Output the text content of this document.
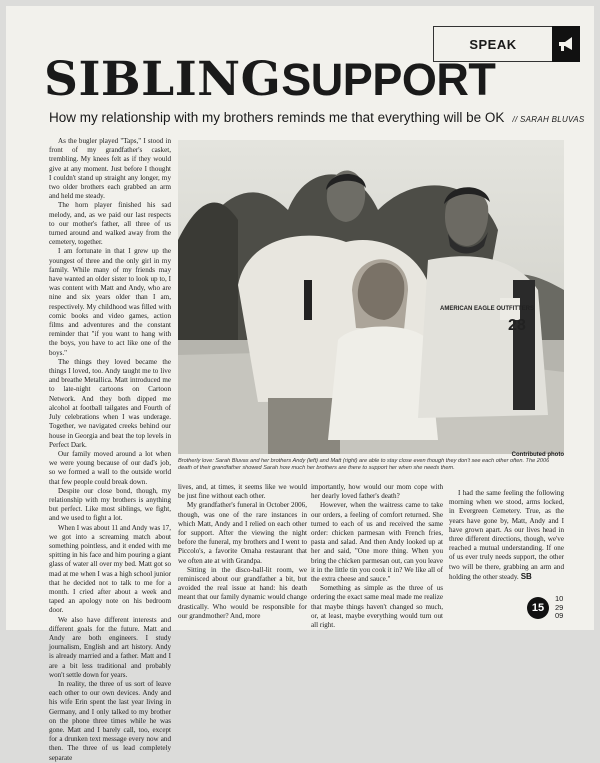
SPEAK
SIBLINGSUPPORT
How my relationship with my brothers reminds me that everything will be OK // SARAH BLUVAS

As the bugler played "Taps," I stood in front of my grandfather's casket, trembling. My knees felt as if they would give at any moment. Just before I thought I couldn't stand up straight any longer, my two older brothers each grabbed an arm and held me steady.

The horn player finished his sad melody, and, as we paid our last respects to our mother's father, all three of us turned around and walked away from the cemetery, together.

I am fortunate in that I grew up the youngest of three and the only girl in my family. While many of my friends may have wanted an older sister to look up to, I was content with Matt and Andy, who are nine and six years older than I am, respectively. My childhood was filled with comic books and video games, action films and adventures and the constant reminder that "if you want to hang with the boys, you have to act like one of the boys."

The things they loved became the things I loved, too. Andy taught me to live and breathe Metallica. Matt introduced me to late-night cartoons on Cartoon Network. And they both dipped me alcohol at football tailgates and Fourth of July celebrations when I was underage. Together, we navigated creeks behind our house in Georgia and beat the top levels in Perfect Dark.

Our family moved around a lot when we were young because of our dad's job, so we formed a wall to the outside world that few people could break down.

Despite our close bond, though, my relationship with my brothers is anything but perfect. Like most siblings, we fight, and we used to fight a lot.

When I was about 11 and Andy was 17, we got into a screaming match about something pointless, and it ended with me spitting in his face and him pouring a giant glass of water all over my bed. Matt got so mad at me when I was a high school junior that he decided not to talk to me for a month. I cried after about a week and taped an apology note on his bedroom door.

We also have different interests and different goals for the future. Matt and Andy are both engineers. I study journalism, English and art history. Andy is already married and a father. Matt and I are a bit less traditional and probably won't settle down for years.

In reality, the three of us sort of leave each other to our own devices. Andy and his wife Erin spent the last year living in Germany, and I only talked to my brother on the phone three times while he was gone. Matt and I barely call, too, except for a drunken text message every now and then. The three of us lead completely separate

AMERICAN EAGLE OUTFITTERS
28
Contributed photo
Brotherly love: Sarah Bluvas and her brothers Andy (left) and Matt (right) are able to stay close even though they don't see each other often. The 2006 death of their grandfather showed Sarah how much her brothers are there to support her when she needs them.

lives, and, at times, it seems like we would be just fine without each other.

My grandfather's funeral in October 2006, though, was one of the rare instances in which Matt, Andy and I relied on each other for support. After the viewing the night before the funeral, my brothers and I went to Piccolo's, a favorite Omaha restaurant that we often ate at with Grandpa.

Sitting in the disco-ball-lit room, we reminisced about our grandfather a bit, but avoided the real issue at hand: his death meant that our family dynamic would change drastically. Who would be responsible for our grandmother? And, more

importantly, how would our mom cope with her dearly loved father's death?

However, when the waitress came to take our orders, a feeling of comfort returned. She turned to each of us and received the same order: chicken parmesan with French fries, pasta and salad. And then Andy looked up at her and said, "One more thing. When you bring the chicken parmesan out, can you leave it in the little tin you cook it in? We like all of the extra cheese and sauce."

Something as simple as the three of us ordering the exact same meal made me realize that maybe things haven't changed so much, or, at least, maybe everything would turn out all right.

I had the same feeling the following morning when we stood, arms locked, in Evergreen Cemetery. True, as the years have gone by, Matt, Andy and I have grown apart. As our lives head in three different directions, though, we've reached a mutual understanding. If one of us ever truly needs support, the other two will be there, grabbing an arm and holding the other steady. SB

15
10
29
09
